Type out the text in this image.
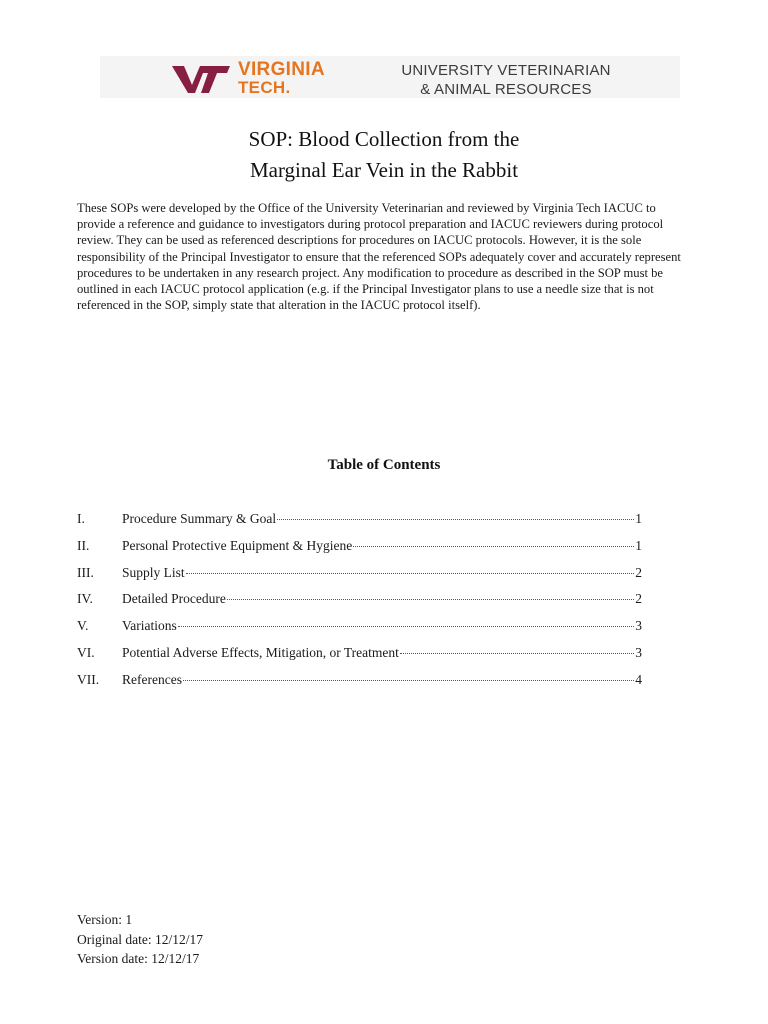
VIRGINIA
TECH.
UNIVERSITY VETERINARIAN
& ANIMAL RESOURCES
SOP: Blood Collection from the
Marginal Ear Vein in the Rabbit
These SOPs were developed by the Office of the University Veterinarian and reviewed by Virginia Tech IACUC to provide a reference and guidance to investigators during protocol preparation and IACUC reviewers during protocol review. They can be used as referenced descriptions for procedures on IACUC protocols. However, it is the sole responsibility of the Principal Investigator to ensure that the referenced SOPs adequately cover and accurately represent procedures to be undertaken in any research project. Any modification to procedure as described in the SOP must be outlined in each IACUC protocol application (e.g. if the Principal Investigator plans to use a needle size that is not referenced in the SOP, simply state that alteration in the IACUC protocol itself).
Table of Contents
I.	Procedure Summary & Goal	1
II.	Personal Protective Equipment & Hygiene	1
III.	Supply List	2
IV.	Detailed Procedure	2
V.	Variations	3
VI.	Potential Adverse Effects, Mitigation, or Treatment	3
VII.	References	4
Version: 1
Original date: 12/12/17
Version date: 12/12/17
